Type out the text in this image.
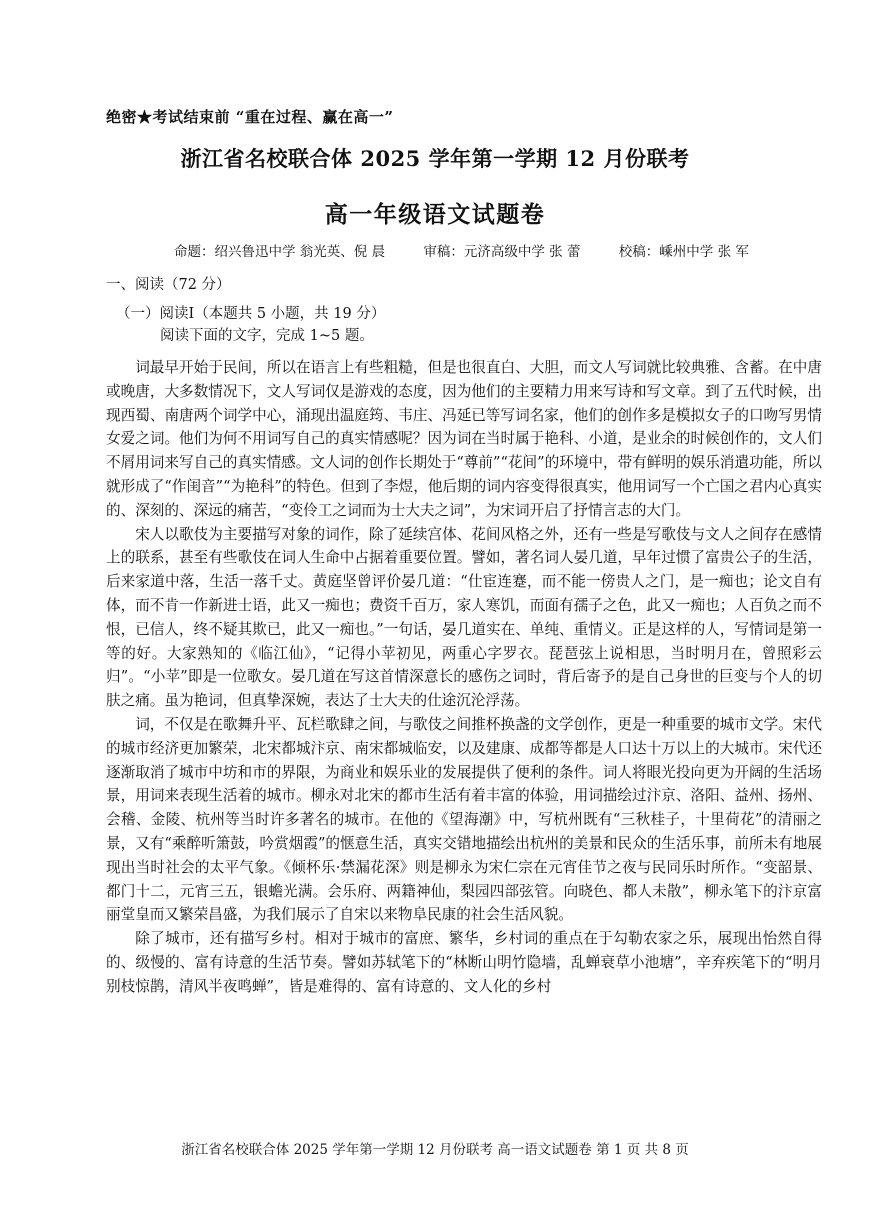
绝密★考试结束前 “重在过程、赢在高一”
浙江省名校联合体 2025 学年第一学期 12 月份联考
高一年级语文试题卷
命题：绍兴鲁迅中学 翁光英、倪 晨	审稿：元济高级中学 张 蕾	校稿：嵊州中学 张 军
一、阅读（72 分）
（一）阅读Ⅰ（本题共 5 小题，共 19 分）
阅读下面的文字，完成 1~5 题。

词最早开始于民间，所以在语言上有些粗糙，但是也很直白、大胆，而文人写词就比较典雅、含蓄。在中唐或晚唐，大多数情况下，文人写词仅是游戏的态度，因为他们的主要精力用来写诗和写文章。到了五代时候，出现西蜀、南唐两个词学中心，涌现出温庭筠、韦庄、冯延已等写词名家，他们的创作多是模拟女子的口吻写男情女爱之词。他们为何不用词写自己的真实情感呢？因为词在当时属于艳科、小道，是业余的时候创作的，文人们不屑用词来写自己的真实情感。文人词的创作长期处于“尊前”“花间”的环境中，带有鲜明的娱乐消遣功能，所以就形成了“作闺音”“为艳科”的特色。但到了李煜，他后期的词内容变得很真实，他用词写一个亡国之君内心真实的、深刻的、深远的痛苦，“变伶工之词而为士大夫之词”，为宋词开启了抒情言志的大门。

宋人以歌伎为主要描写对象的词作，除了延续宫体、花间风格之外，还有一些是写歌伎与文人之间存在感情上的联系，甚至有些歌伎在词人生命中占据着重要位置。譬如，著名词人晏几道，早年过惯了富贵公子的生活，后来家道中落，生活一落千丈。黄庭坚曾评价晏几道：“仕宦连蹇，而不能一傍贵人之门，是一痴也；论文自有体，而不肯一作新进士语，此又一痴也；费资千百万，家人寒饥，而面有孺子之色，此又一痴也；人百负之而不恨，已信人，终不疑其欺已，此又一痴也。”一句话，晏几道实在、单纯、重情义。正是这样的人，写情词是第一等的好。大家熟知的《临江仙》，“记得小苹初见，两重心字罗衣。琵琶弦上说相思，当时明月在，曾照彩云归”。“小苹”即是一位歌女。晏几道在写这首情深意长的感伤之词时，背后寄予的是自己身世的巨变与个人的切肤之痛。虽为艳词，但真挚深婉，表达了士大夫的仕途沉沦浮荡。

词，不仅是在歌舞升平、瓦栏歌肆之间，与歌伎之间推杯换盏的文学创作，更是一种重要的城市文学。宋代的城市经济更加繁荣，北宋都城汴京、南宋都城临安，以及建康、成都等都是人口达十万以上的大城市。宋代还逐渐取消了城市中坊和市的界限，为商业和娱乐业的发展提供了便利的条件。词人将眼光投向更为开阔的生活场景，用词来表现生活着的城市。柳永对北宋的都市生活有着丰富的体验，用词描绘过汴京、洛阳、益州、扬州、会稽、金陵、杭州等当时许多著名的城市。在他的《望海潮》中，写杭州既有“三秋桂子，十里荷花”的清丽之景，又有“乘醉听箫鼓，吟赏烟霞”的惬意生活，真实交错地描绘出杭州的美景和民众的生活乐事，前所未有地展现出当时社会的太平气象。《倾杯乐·禁漏花深》则是柳永为宋仁宗在元宵佳节之夜与民同乐时所作。“变韶景、都门十二，元宵三五，银蟾光满。会乐府、两籍神仙，梨园四部弦管。向晓色、都人未散”，柳永笔下的汴京富丽堂皇而又繁荣昌盛，为我们展示了自宋以来物阜民康的社会生活风貌。

除了城市，还有描写乡村。相对于城市的富庶、繁华，乡村词的重点在于勾勒农家之乐，展现出怡然自得的、级慢的、富有诗意的生活节奏。譬如苏轼笔下的“林断山明竹隐墙，乱蝉衰草小池塘”，辛弃疾笔下的“明月别枝惊鹊，清风半夜鸣蝉”，皆是难得的、富有诗意的、文人化的乡村

浙江省名校联合体 2025 学年第一学期 12 月份联考 高一语文试题卷 第 1 页 共 8 页
